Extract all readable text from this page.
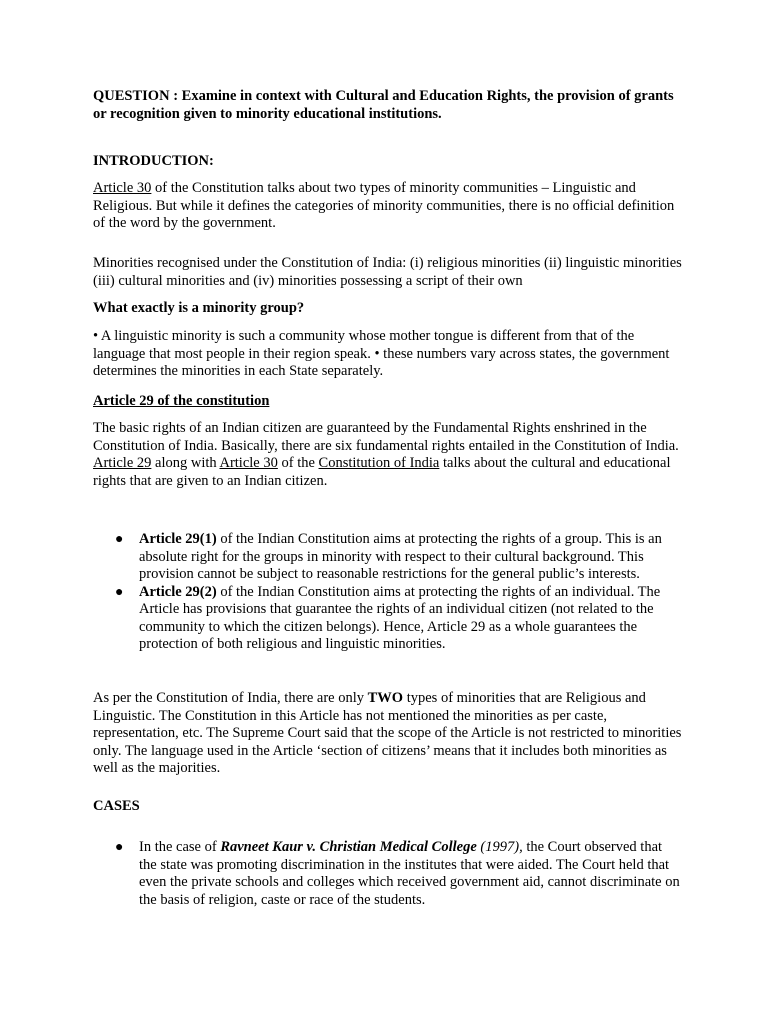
QUESTION : Examine in context with Cultural and Education Rights, the provision of grants or recognition given to minority educational institutions.

INTRODUCTION:

Article 30 of the Constitution talks about two types of minority communities – Linguistic and Religious. But while it defines the categories of minority communities, there is no official definition of the word by the government.

Minorities recognised under the Constitution of India: (i) religious minorities (ii) linguistic minorities (iii) cultural minorities and (iv) minorities possessing a script of their own

What exactly is a minority group?

• A linguistic minority is such a community whose mother tongue is different from that of the language that most people in their region speak. • these numbers vary across states, the government determines the minorities in each State separately.

Article 29 of the constitution

The basic rights of an Indian citizen are guaranteed by the Fundamental Rights enshrined in the Constitution of India. Basically, there are six fundamental rights entailed in the Constitution of India. Article 29 along with Article 30 of the Constitution of India talks about the cultural and educational rights that are given to an Indian citizen.

● Article 29(1) of the Indian Constitution aims at protecting the rights of a group. This is an absolute right for the groups in minority with respect to their cultural background. This provision cannot be subject to reasonable restrictions for the general public’s interests.
● Article 29(2) of the Indian Constitution aims at protecting the rights of an individual. The Article has provisions that guarantee the rights of an individual citizen (not related to the community to which the citizen belongs). Hence, Article 29 as a whole guarantees the protection of both religious and linguistic minorities.

As per the Constitution of India, there are only TWO types of minorities that are Religious and Linguistic. The Constitution in this Article has not mentioned the minorities as per caste, representation, etc. The Supreme Court said that the scope of the Article is not restricted to minorities only. The language used in the Article ‘section of citizens’ means that it includes both minorities as well as the majorities.

CASES

● In the case of Ravneet Kaur v. Christian Medical College (1997), the Court observed that the state was promoting discrimination in the institutes that were aided. The Court held that even the private schools and colleges which received government aid, cannot discriminate on the basis of religion, caste or race of the students.
